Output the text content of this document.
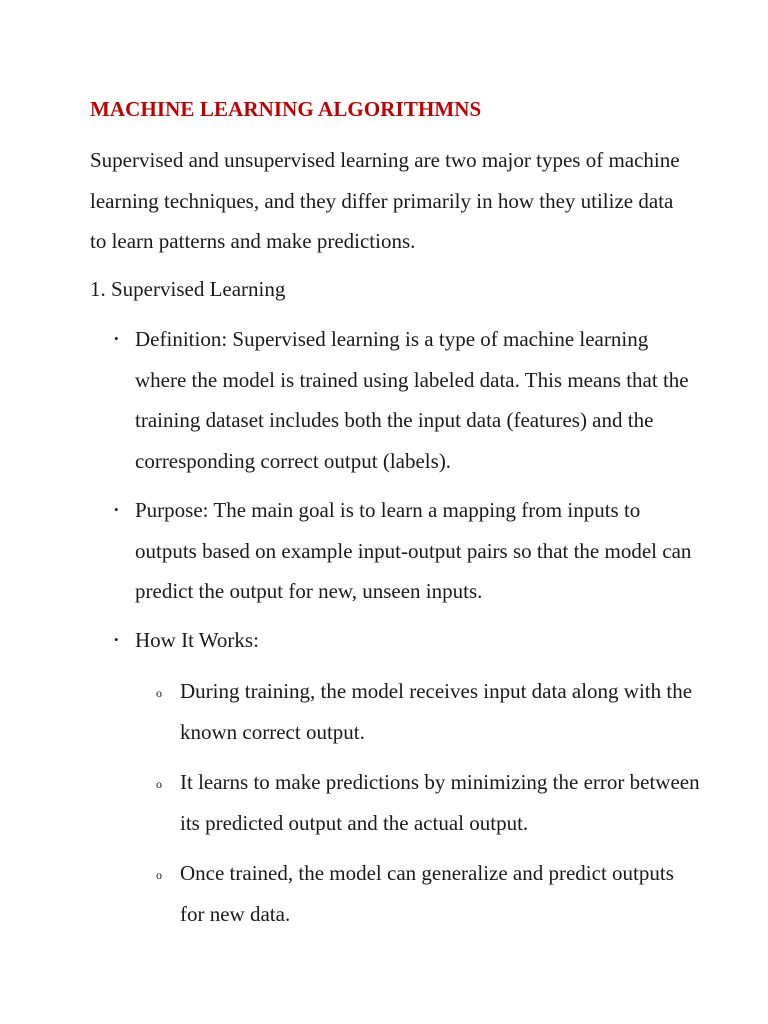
MACHINE LEARNING ALGORITHMNS

Supervised and unsupervised learning are two major types of machine learning techniques, and they differ primarily in how they utilize data to learn patterns and make predictions.

1. Supervised Learning
• Definition: Supervised learning is a type of machine learning where the model is trained using labeled data. This means that the training dataset includes both the input data (features) and the corresponding correct output (labels).
• Purpose: The main goal is to learn a mapping from inputs to outputs based on example input-output pairs so that the model can predict the output for new, unseen inputs.
• How It Works:
o During training, the model receives input data along with the known correct output.
o It learns to make predictions by minimizing the error between its predicted output and the actual output.
o Once trained, the model can generalize and predict outputs for new data.
